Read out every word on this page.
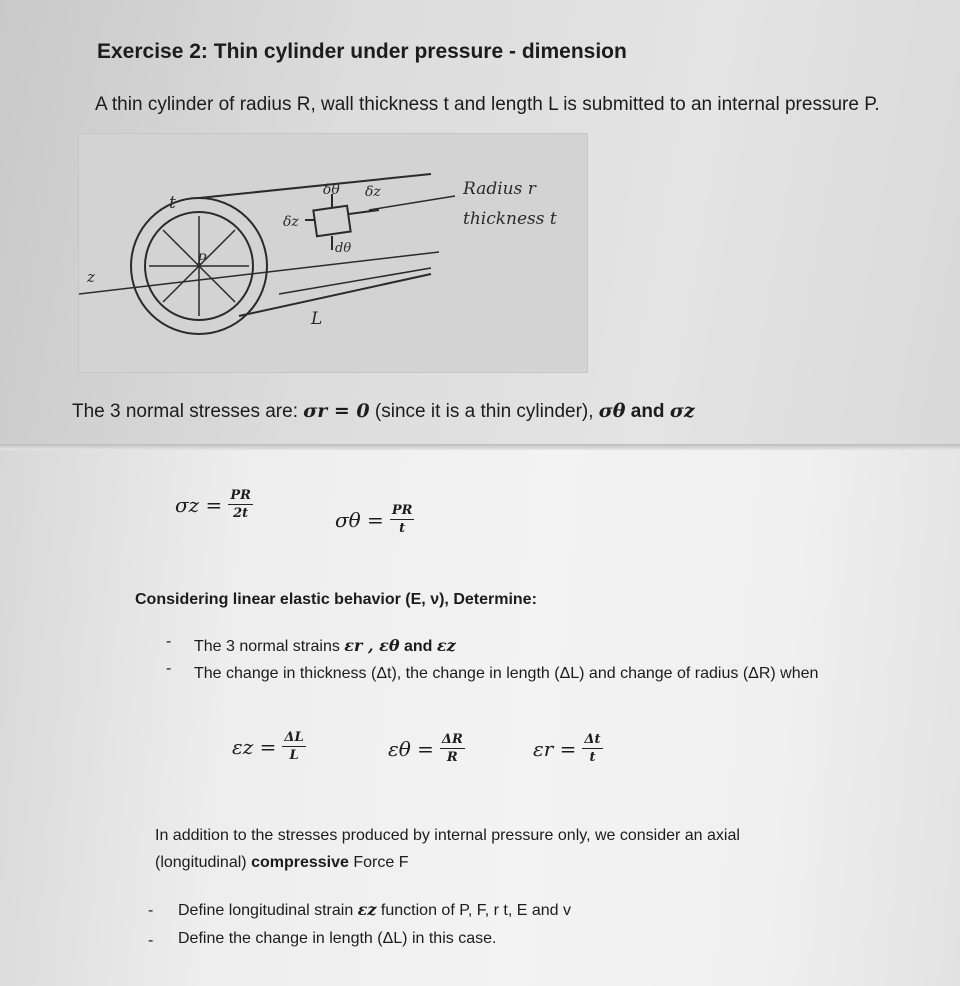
Exercise 2: Thin cylinder under pressure - dimension
A thin cylinder of radius R, wall thickness t and length L is submitted to an internal pressure P.
Radius r
thickness t
L
t
P
z
δθ δz
δz
dθ
The 3 normal stresses are: σr = 0 (since it is a thin cylinder), σθ and σz
$\sigma z = \frac{PR}{2t}$	$\sigma\theta = \frac{PR}{t}$
Considering linear elastic behavior (E, ν), Determine:
- The 3 normal strains εr , εθ and εz
- The change in thickness (Δt), the change in length (ΔL) and change of radius (ΔR) when
$\varepsilon z = \frac{\Delta L}{L}$	$\varepsilon\theta = \frac{\Delta R}{R}$	$\varepsilon r = \frac{\Delta t}{t}$
In addition to the stresses produced by internal pressure only, we consider an axial
(longitudinal) compressive Force F
- Define longitudinal strain εz function of P, F, r t, E and v
- Define the change in length (ΔL) in this case.
